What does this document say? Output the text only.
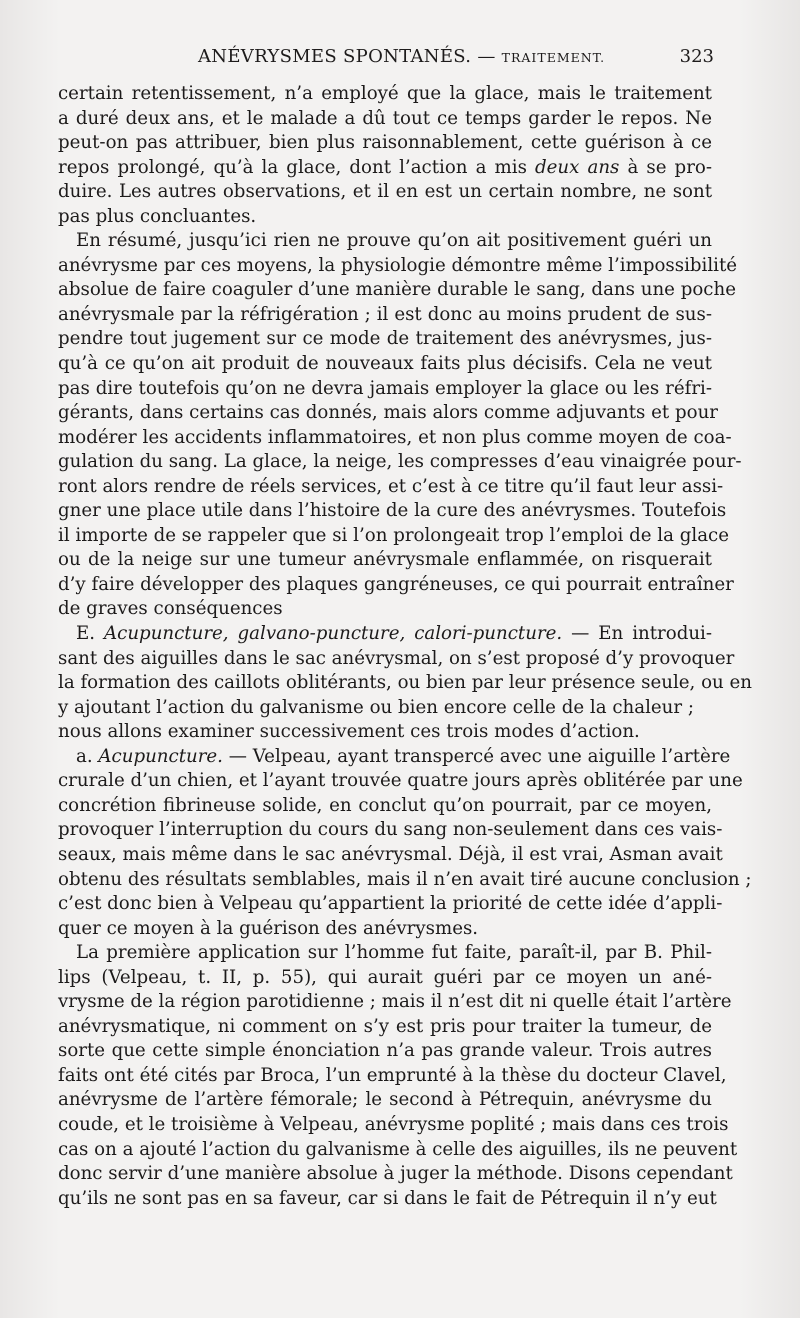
ANÉVRYSMES SPONTANÉS. — TRAITEMENT.	323
certain retentissement, n’a employé que la glace, mais le traitement
a duré deux ans, et le malade a dû tout ce temps garder le repos. Ne
peut-on pas attribuer, bien plus raisonnablement, cette guérison à ce
repos prolongé, qu’à la glace, dont l’action a mis deux ans à se pro-
duire. Les autres observations, et il en est un certain nombre, ne sont
pas plus concluantes.
En résumé, jusqu’ici rien ne prouve qu’on ait positivement guéri un
anévrysme par ces moyens, la physiologie démontre même l’impossibilité
absolue de faire coaguler d’une manière durable le sang, dans une poche
anévrysmale par la réfrigération ; il est donc au moins prudent de sus-
pendre tout jugement sur ce mode de traitement des anévrysmes, jus-
qu’à ce qu’on ait produit de nouveaux faits plus décisifs. Cela ne veut
pas dire toutefois qu’on ne devra jamais employer la glace ou les réfri-
gérants, dans certains cas donnés, mais alors comme adjuvants et pour
modérer les accidents inflammatoires, et non plus comme moyen de coa-
gulation du sang. La glace, la neige, les compresses d’eau vinaigrée pour-
ront alors rendre de réels services, et c’est à ce titre qu’il faut leur assi-
gner une place utile dans l’histoire de la cure des anévrysmes. Toutefois
il importe de se rappeler que si l’on prolongeait trop l’emploi de la glace
ou de la neige sur une tumeur anévrysmale enflammée, on risquerait
d’y faire développer des plaques gangréneuses, ce qui pourrait entraîner
de graves conséquences
E. Acupuncture, galvano-puncture, calori-puncture. — En introdui-
sant des aiguilles dans le sac anévrysmal, on s’est proposé d’y provoquer
la formation des caillots oblitérants, ou bien par leur présence seule, ou en
y ajoutant l’action du galvanisme ou bien encore celle de la chaleur ;
nous allons examiner successivement ces trois modes d’action.
a. Acupuncture. — Velpeau, ayant transpercé avec une aiguille l’artère
crurale d’un chien, et l’ayant trouvée quatre jours après oblitérée par une
concrétion fibrineuse solide, en conclut qu’on pourrait, par ce moyen,
provoquer l’interruption du cours du sang non-seulement dans ces vais-
seaux, mais même dans le sac anévrysmal. Déjà, il est vrai, Asman avait
obtenu des résultats semblables, mais il n’en avait tiré aucune conclusion ;
c’est donc bien à Velpeau qu’appartient la priorité de cette idée d’appli-
quer ce moyen à la guérison des anévrysmes.
La première application sur l’homme fut faite, paraît-il, par B. Phil-
lips (Velpeau, t. II, p. 55), qui aurait guéri par ce moyen un ané-
vrysme de la région parotidienne ; mais il n’est dit ni quelle était l’artère
anévrysmatique, ni comment on s’y est pris pour traiter la tumeur, de
sorte que cette simple énonciation n’a pas grande valeur. Trois autres
faits ont été cités par Broca, l’un emprunté à la thèse du docteur Clavel,
anévrysme de l’artère fémorale; le second à Pétrequin, anévrysme du
coude, et le troisième à Velpeau, anévrysme poplité ; mais dans ces trois
cas on a ajouté l’action du galvanisme à celle des aiguilles, ils ne peuvent
donc servir d’une manière absolue à juger la méthode. Disons cependant
qu’ils ne sont pas en sa faveur, car si dans le fait de Pétrequin il n’y eut
